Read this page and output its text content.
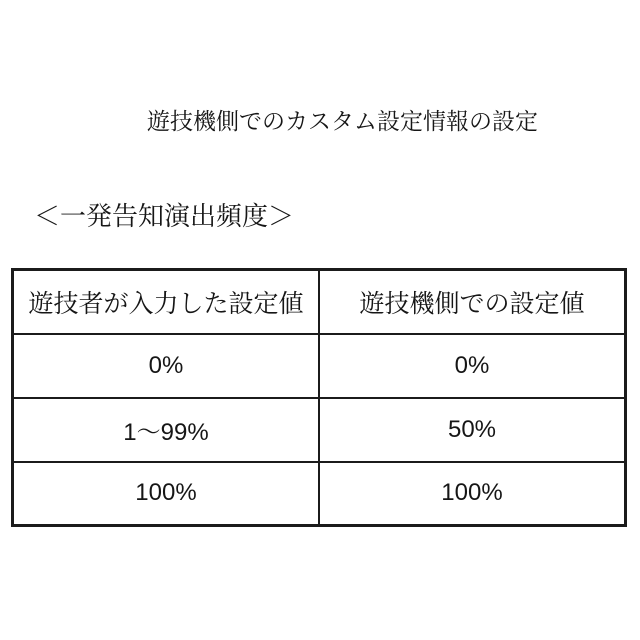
遊技機側でのカスタム設定情報の設定
＜一発告知演出頻度＞
遊技者が入力した設定値	遊技機側での設定値
0%	0%
1～99%	50%
100%	100%
